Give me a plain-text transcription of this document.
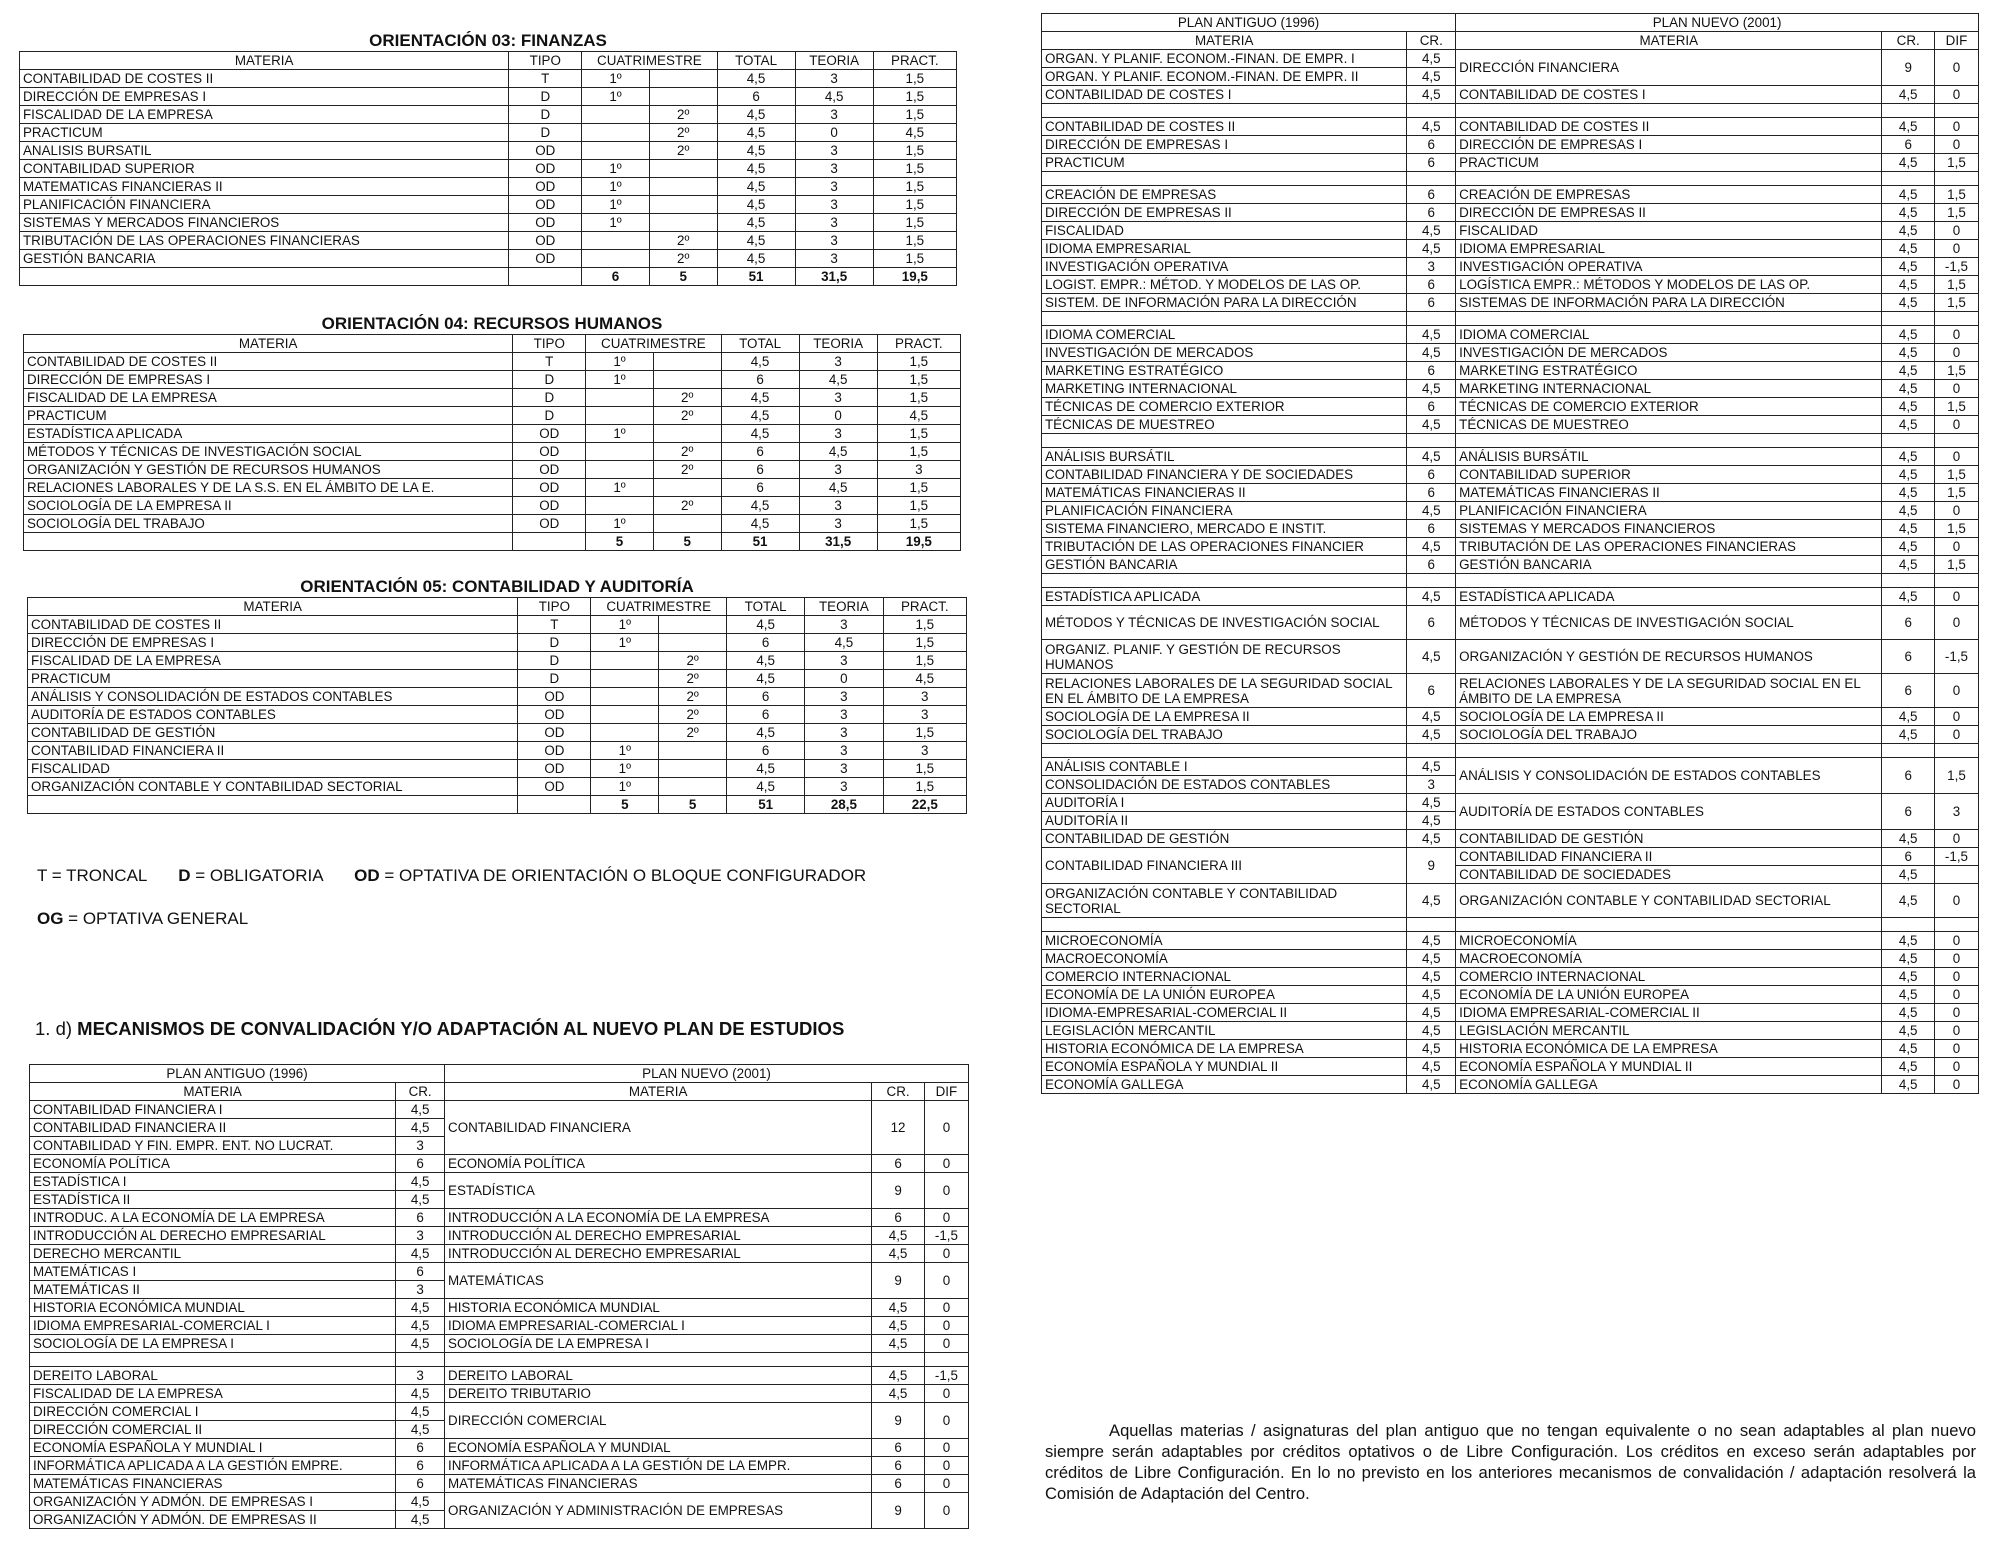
ORIENTACIÓN 03: FINANZAS
MATERIA	TIPO	CUATRIMESTRE		TOTAL	TEORIA	PRACT.
CONTABILIDAD DE COSTES II	T	1º		4,5	3	1,5
DIRECCIÓN DE EMPRESAS I	D	1º		6	4,5	1,5
FISCALIDAD DE LA EMPRESA	D		2º	4,5	3	1,5
PRACTICUM	D		2º	4,5	0	4,5
ANALISIS BURSATIL	OD		2º	4,5	3	1,5
CONTABILIDAD SUPERIOR	OD	1º		4,5	3	1,5
MATEMATICAS FINANCIERAS II	OD	1º		4,5	3	1,5
PLANIFICACIÓN FINANCIERA	OD	1º		4,5	3	1,5
SISTEMAS Y MERCADOS FINANCIEROS	OD	1º		4,5	3	1,5
TRIBUTACIÓN DE LAS OPERACIONES FINANCIERAS	OD		2º	4,5	3	1,5
GESTIÓN BANCARIA	OD		2º	4,5	3	1,5
		6	5	51	31,5	19,5
ORIENTACIÓN 04: RECURSOS HUMANOS
MATERIA	TIPO	CUATRIMESTRE		TOTAL	TEORIA	PRACT.
CONTABILIDAD DE COSTES II	T	1º		4,5	3	1,5
DIRECCIÓN DE EMPRESAS I	D	1º		6	4,5	1,5
FISCALIDAD DE LA EMPRESA	D		2º	4,5	3	1,5
PRACTICUM	D		2º	4,5	0	4,5
ESTADÍSTICA APLICADA	OD	1º		4,5	3	1,5
MÉTODOS Y TÉCNICAS DE INVESTIGACIÓN SOCIAL	OD		2º	6	4,5	1,5
ORGANIZACIÓN Y GESTIÓN DE RECURSOS HUMANOS	OD		2º	6	3	3
RELACIONES LABORALES Y DE LA S.S. EN EL ÁMBITO DE LA E.	OD	1º		6	4,5	1,5
SOCIOLOGÍA DE LA EMPRESA II	OD		2º	4,5	3	1,5
SOCIOLOGÍA DEL TRABAJO	OD	1º		4,5	3	1,5
		5	5	51	31,5	19,5
ORIENTACIÓN 05: CONTABILIDAD Y AUDITORÍA
MATERIA	TIPO	CUATRIMESTRE		TOTAL	TEORIA	PRACT.
CONTABILIDAD DE COSTES II	T	1º		4,5	3	1,5
DIRECCIÓN DE EMPRESAS I	D	1º		6	4,5	1,5
FISCALIDAD DE LA EMPRESA	D		2º	4,5	3	1,5
PRACTICUM	D		2º	4,5	0	4,5
ANÁLISIS Y CONSOLIDACIÓN DE ESTADOS CONTABLES	OD		2º	6	3	3
AUDITORÍA DE ESTADOS CONTABLES	OD		2º	6	3	3
CONTABILIDAD DE GESTIÓN	OD		2º	4,5	3	1,5
CONTABILIDAD FINANCIERA II	OD	1º		6	3	3
FISCALIDAD	OD	1º		4,5	3	1,5
ORGANIZACIÓN CONTABLE Y CONTABILIDAD SECTORIAL	OD	1º		4,5	3	1,5
		5	5	51	28,5	22,5
T = TRONCAL D = OBLIGATORIA OD = OPTATIVA DE ORIENTACIÓN O BLOQUE CONFIGURADOR
OG = OPTATIVA GENERAL
1. d) MECANISMOS DE CONVALIDACIÓN Y/O ADAPTACIÓN AL NUEVO PLAN DE ESTUDIOS
PLAN ANTIGUO (1996)		PLAN NUEVO (2001)		
MATERIA	CR.	MATERIA	CR.	DIF
CONTABILIDAD FINANCIERA I	4,5	CONTABILIDAD FINANCIERA	12	0
CONTABILIDAD FINANCIERA II	4,5			
CONTABILIDAD Y FIN. EMPR. ENT. NO LUCRAT.	3			
ECONOMÍA POLÍTICA	6	ECONOMÍA POLÍTICA	6	0
ESTADÍSTICA I	4,5	ESTADÍSTICA	9	0
ESTADÍSTICA II	4,5			
INTRODUC. A LA ECONOMÍA DE LA EMPRESA	6	INTRODUCCIÓN A LA ECONOMÍA DE LA EMPRESA	6	0
INTRODUCCIÓN AL DERECHO EMPRESARIAL	3	INTRODUCCIÓN AL DERECHO EMPRESARIAL	4,5	-1,5
DERECHO MERCANTIL	4,5	INTRODUCCIÓN AL DERECHO EMPRESARIAL	4,5	0
MATEMÁTICAS I	6	MATEMÁTICAS	9	0
MATEMÁTICAS II	3			
HISTORIA ECONÓMICA MUNDIAL	4,5	HISTORIA ECONÓMICA MUNDIAL	4,5	0
IDIOMA EMPRESARIAL-COMERCIAL I	4,5	IDIOMA EMPRESARIAL-COMERCIAL I	4,5	0
SOCIOLOGÍA DE LA EMPRESA I	4,5	SOCIOLOGÍA DE LA EMPRESA I	4,5	0

DEREITO LABORAL	3	DEREITO LABORAL	4,5	-1,5
FISCALIDAD DE LA EMPRESA	4,5	DEREITO TRIBUTARIO	4,5	0
DIRECCIÓN COMERCIAL I	4,5	DIRECCIÓN COMERCIAL	9	0
DIRECCIÓN COMERCIAL II	4,5			
ECONOMÍA ESPAÑOLA Y MUNDIAL I	6	ECONOMÍA ESPAÑOLA Y MUNDIAL	6	0
INFORMÁTICA APLICADA A LA GESTIÓN EMPRE.	6	INFORMÁTICA APLICADA A LA GESTIÓN DE LA EMPR.	6	0
MATEMÁTICAS FINANCIERAS	6	MATEMÁTICAS FINANCIERAS	6	0
ORGANIZACIÓN Y ADMÓN. DE EMPRESAS I	4,5	ORGANIZACIÓN Y ADMINISTRACIÓN DE EMPRESAS	9	0
ORGANIZACIÓN Y ADMÓN. DE EMPRESAS II	4,5			
PLAN ANTIGUO (1996)		PLAN NUEVO (2001)		
MATERIA	CR.	MATERIA	CR.	DIF
ORGAN. Y PLANIF. ECONOM.-FINAN. DE EMPR. I	4,5	DIRECCIÓN FINANCIERA	9	0
ORGAN. Y PLANIF. ECONOM.-FINAN. DE EMPR. II	4,5			
CONTABILIDAD DE COSTES I	4,5	CONTABILIDAD DE COSTES I	4,5	0

CONTABILIDAD DE COSTES II	4,5	CONTABILIDAD DE COSTES II	4,5	0
DIRECCIÓN DE EMPRESAS I	6	DIRECCIÓN DE EMPRESAS I	6	0
PRACTICUM	6	PRACTICUM	4,5	1,5

CREACIÓN DE EMPRESAS	6	CREACIÓN DE EMPRESAS	4,5	1,5
DIRECCIÓN DE EMPRESAS II	6	DIRECCIÓN DE EMPRESAS II	4,5	1,5
FISCALIDAD	4,5	FISCALIDAD	4,5	0
IDIOMA EMPRESARIAL	4,5	IDIOMA EMPRESARIAL	4,5	0
INVESTIGACIÓN OPERATIVA	3	INVESTIGACIÓN OPERATIVA	4,5	-1,5
LOGIST. EMPR.: MÉTOD. Y MODELOS DE LAS OP.	6	LOGÍSTICA EMPR.: MÉTODOS Y MODELOS DE LAS OP.	4,5	1,5
SISTEM. DE INFORMACIÓN PARA LA DIRECCIÓN	6	SISTEMAS DE INFORMACIÓN PARA LA DIRECCIÓN	4,5	1,5

IDIOMA COMERCIAL	4,5	IDIOMA COMERCIAL	4,5	0
INVESTIGACIÓN DE MERCADOS	4,5	INVESTIGACIÓN DE MERCADOS	4,5	0
MARKETING ESTRATÉGICO	6	MARKETING ESTRATÉGICO	4,5	1,5
MARKETING INTERNACIONAL	4,5	MARKETING INTERNACIONAL	4,5	0
TÉCNICAS DE COMERCIO EXTERIOR	6	TÉCNICAS DE COMERCIO EXTERIOR	4,5	1,5
TÉCNICAS DE MUESTREO	4,5	TÉCNICAS DE MUESTREO	4,5	0

ANÁLISIS BURSÁTIL	4,5	ANÁLISIS BURSÁTIL	4,5	0
CONTABILIDAD FINANCIERA Y DE SOCIEDADES	6	CONTABILIDAD SUPERIOR	4,5	1,5
MATEMÁTICAS FINANCIERAS II	6	MATEMÁTICAS FINANCIERAS II	4,5	1,5
PLANIFICACIÓN FINANCIERA	4,5	PLANIFICACIÓN FINANCIERA	4,5	0
SISTEMA FINANCIERO, MERCADO E INSTIT.	6	SISTEMAS Y MERCADOS FINANCIEROS	4,5	1,5
TRIBUTACIÓN DE LAS OPERACIONES FINANCIER	4,5	TRIBUTACIÓN DE LAS OPERACIONES FINANCIERAS	4,5	0
GESTIÓN BANCARIA	6	GESTIÓN BANCARIA	4,5	1,5

ESTADÍSTICA APLICADA	4,5	ESTADÍSTICA APLICADA	4,5	0
MÉTODOS Y TÉCNICAS DE INVESTIGACIÓN SOCIAL	6	MÉTODOS Y TÉCNICAS DE INVESTIGACIÓN SOCIAL	6	0
ORGANIZ. PLANIF. Y GESTIÓN DE RECURSOS HUMANOS	4,5	ORGANIZACIÓN Y GESTIÓN DE RECURSOS HUMANOS	6	-1,5
RELACIONES LABORALES DE LA SEGURIDAD SOCIAL EN EL ÁMBITO DE LA EMPRESA	6	RELACIONES LABORALES Y DE LA SEGURIDAD SOCIAL EN EL ÁMBITO DE LA EMPRESA	6	0
SOCIOLOGÍA DE LA EMPRESA II	4,5	SOCIOLOGÍA DE LA EMPRESA II	4,5	0
SOCIOLOGÍA DEL TRABAJO	4,5	SOCIOLOGÍA DEL TRABAJO	4,5	0

ANÁLISIS CONTABLE I	4,5	ANÁLISIS Y CONSOLIDACIÓN DE ESTADOS CONTABLES	6	1,5
CONSOLIDACIÓN DE ESTADOS CONTABLES	3			
AUDITORÍA I	4,5	AUDITORÍA DE ESTADOS CONTABLES	6	3
AUDITORÍA II	4,5			
CONTABILIDAD DE GESTIÓN	4,5	CONTABILIDAD DE GESTIÓN	4,5	0
CONTABILIDAD FINANCIERA III	9	CONTABILIDAD FINANCIERA II	6	-1,5
		CONTABILIDAD DE SOCIEDADES	4,5	
ORGANIZACIÓN CONTABLE Y CONTABILIDAD SECTORIAL	4,5	ORGANIZACIÓN CONTABLE Y CONTABILIDAD SECTORIAL	4,5	0

MICROECONOMÍA	4,5	MICROECONOMÍA	4,5	0
MACROECONOMÍA	4,5	MACROECONOMÍA	4,5	0
COMERCIO INTERNACIONAL	4,5	COMERCIO INTERNACIONAL	4,5	0
ECONOMÍA DE LA UNIÓN EUROPEA	4,5	ECONOMÍA DE LA UNIÓN EUROPEA	4,5	0
IDIOMA-EMPRESARIAL-COMERCIAL II	4,5	IDIOMA EMPRESARIAL-COMERCIAL II	4,5	0
LEGISLACIÓN MERCANTIL	4,5	LEGISLACIÓN MERCANTIL	4,5	0
HISTORIA ECONÓMICA DE LA EMPRESA	4,5	HISTORIA ECONÓMICA DE LA EMPRESA	4,5	0
ECONOMÍA ESPAÑOLA Y MUNDIAL II	4,5	ECONOMÍA ESPAÑOLA Y MUNDIAL II	4,5	0
ECONOMÍA GALLEGA	4,5	ECONOMÍA GALLEGA	4,5	0
Aquellas materias / asignaturas del plan antiguo que no tengan equivalente o no sean adaptables al plan nuevo siempre serán adaptables por créditos optativos o de Libre Configuración. Los créditos en exceso serán adaptables por créditos de Libre Configuración. En lo no previsto en los anteriores mecanismos de convalidación / adaptación resolverá la Comisión de Adaptación del Centro.
